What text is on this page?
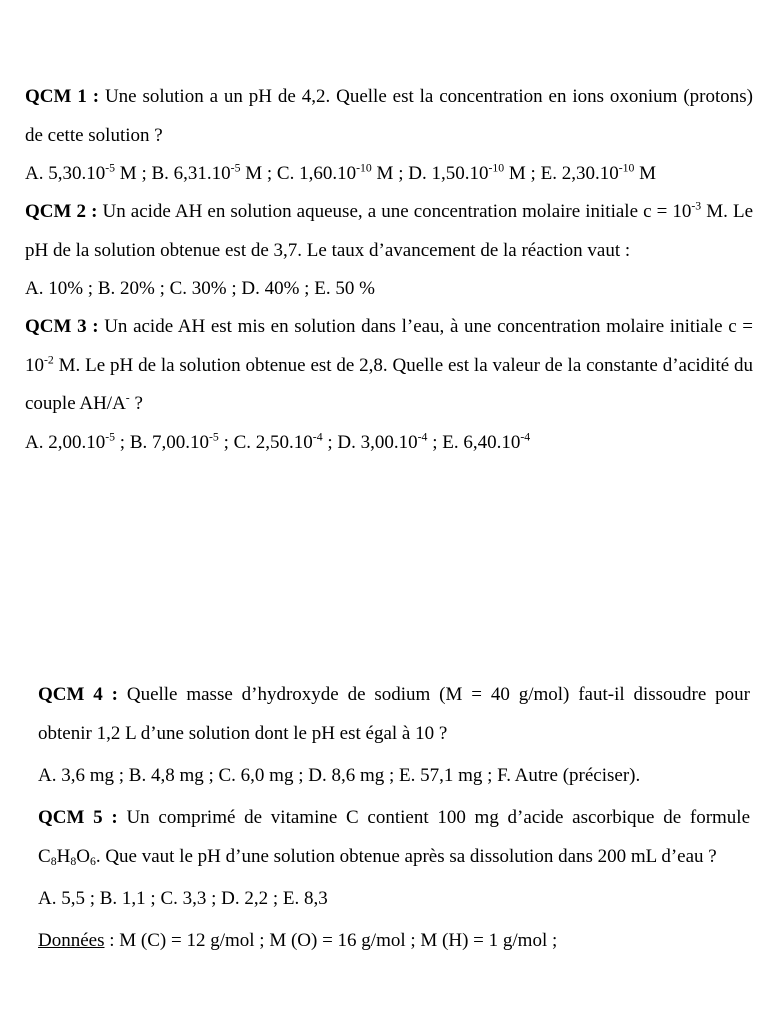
QCM 1 : Une solution a un pH de 4,2. Quelle est la concentration en ions oxonium (protons) de cette solution ?

A. $5,30.10^{-5}$ M ; B. $6,31.10^{-5}$ M ; C. $1,60.10^{-10}$ M ; D. $1,50.10^{-10}$ M ; E. $2,30.10^{-10}$ M

QCM 2 : Un acide AH en solution aqueuse, a une concentration molaire initiale $c = 10^{-3}$ M. Le pH de la solution obtenue est de 3,7. Le taux d’avancement de la réaction vaut :

A. 10% ; B. 20% ; C. 30% ; D. 40% ; E. 50 %

QCM 3 : Un acide AH est mis en solution dans l’eau, à une concentration molaire initiale $c = 10^{-2}$ M. Le pH de la solution obtenue est de 2,8. Quelle est la valeur de la constante d’acidité du couple AH/A- ?

A. $2,00.10^{-5}$ ; B. $7,00.10^{-5}$ ; C. $2,50.10^{-4}$ ; D. $3,00.10^{-4}$ ; E. $6,40.10^{-4}$

QCM 4 : Quelle masse d’hydroxyde de sodium (M = 40 g/mol) faut-il dissoudre pour obtenir 1,2 L d’une solution dont le pH est égal à 10 ?

A. 3,6 mg ; B. 4,8 mg ; C. 6,0 mg ; D. 8,6 mg ; E. 57,1 mg ; F. Autre (préciser).

QCM 5 : Un comprimé de vitamine C contient 100 mg d’acide ascorbique de formule $C_8H_8O_6$. Que vaut le pH d’une solution obtenue après sa dissolution dans 200 mL d’eau ?

A. 5,5 ; B. 1,1 ; C. 3,3 ; D. 2,2 ; E. 8,3

Données : M (C) = 12 g/mol ; M (O) = 16 g/mol ; M (H) = 1 g/mol ;
